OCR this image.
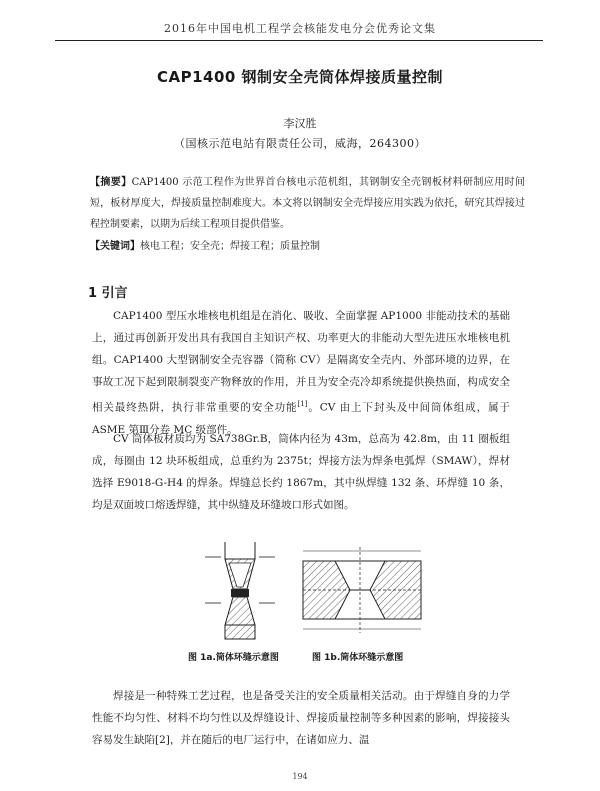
2016年中国电机工程学会核能发电分会优秀论文集
CAP1400 钢制安全壳筒体焊接质量控制
李汉胜
（国核示范电站有限责任公司，威海，264300）
【摘要】CAP1400 示范工程作为世界首台核电示范机组，其钢制安全壳钢板材料研制应用时间短，板材厚度大，焊接质量控制难度大。本文将以钢制安全壳焊接应用实践为依托，研究其焊接过程控制要素，以期为后续工程项目提供借鉴。
【关键词】核电工程；安全壳；焊接工程；质量控制
1 引言
CAP1400 型压水堆核电机组是在消化、吸收、全面掌握 AP1000 非能动技术的基础上，通过再创新开发出具有我国自主知识产权、功率更大的非能动大型先进压水堆核电机组。CAP1400 大型钢制安全壳容器（简称 CV）是隔离安全壳内、外部环境的边界，在事故工况下起到限制裂变产物释放的作用，并且为安全壳冷却系统提供换热面，构成安全相关最终热阱，执行非常重要的安全功能[1]。CV 由上下封头及中间筒体组成，属于 ASME 第Ⅲ分卷 MC 级部件。
CV 筒体板材质均为 SA738Gr.B，筒体内径为 43m，总高为 42.8m，由 11 圈板组成，每圈由 12 块环板组成，总重约为 2375t；焊接方法为焊条电弧焊（SMAW），焊材选择 E9018-G-H4 的焊条。焊缝总长约 1867m，其中纵焊缝 132 条、环焊缝 10 条，均是双面坡口熔透焊缝，其中纵缝及环缝坡口形式如图。
图 1a.筒体环缝示意图	图 1b.筒体环缝示意图
焊接是一种特殊工艺过程，也是备受关注的安全质量相关活动。由于焊缝自身的力学性能不均匀性、材料不均匀性以及焊缝设计、焊接质量控制等多种因素的影响，焊接接头容易发生缺陷[2]，并在随后的电厂运行中，在诸如应力、温
194
